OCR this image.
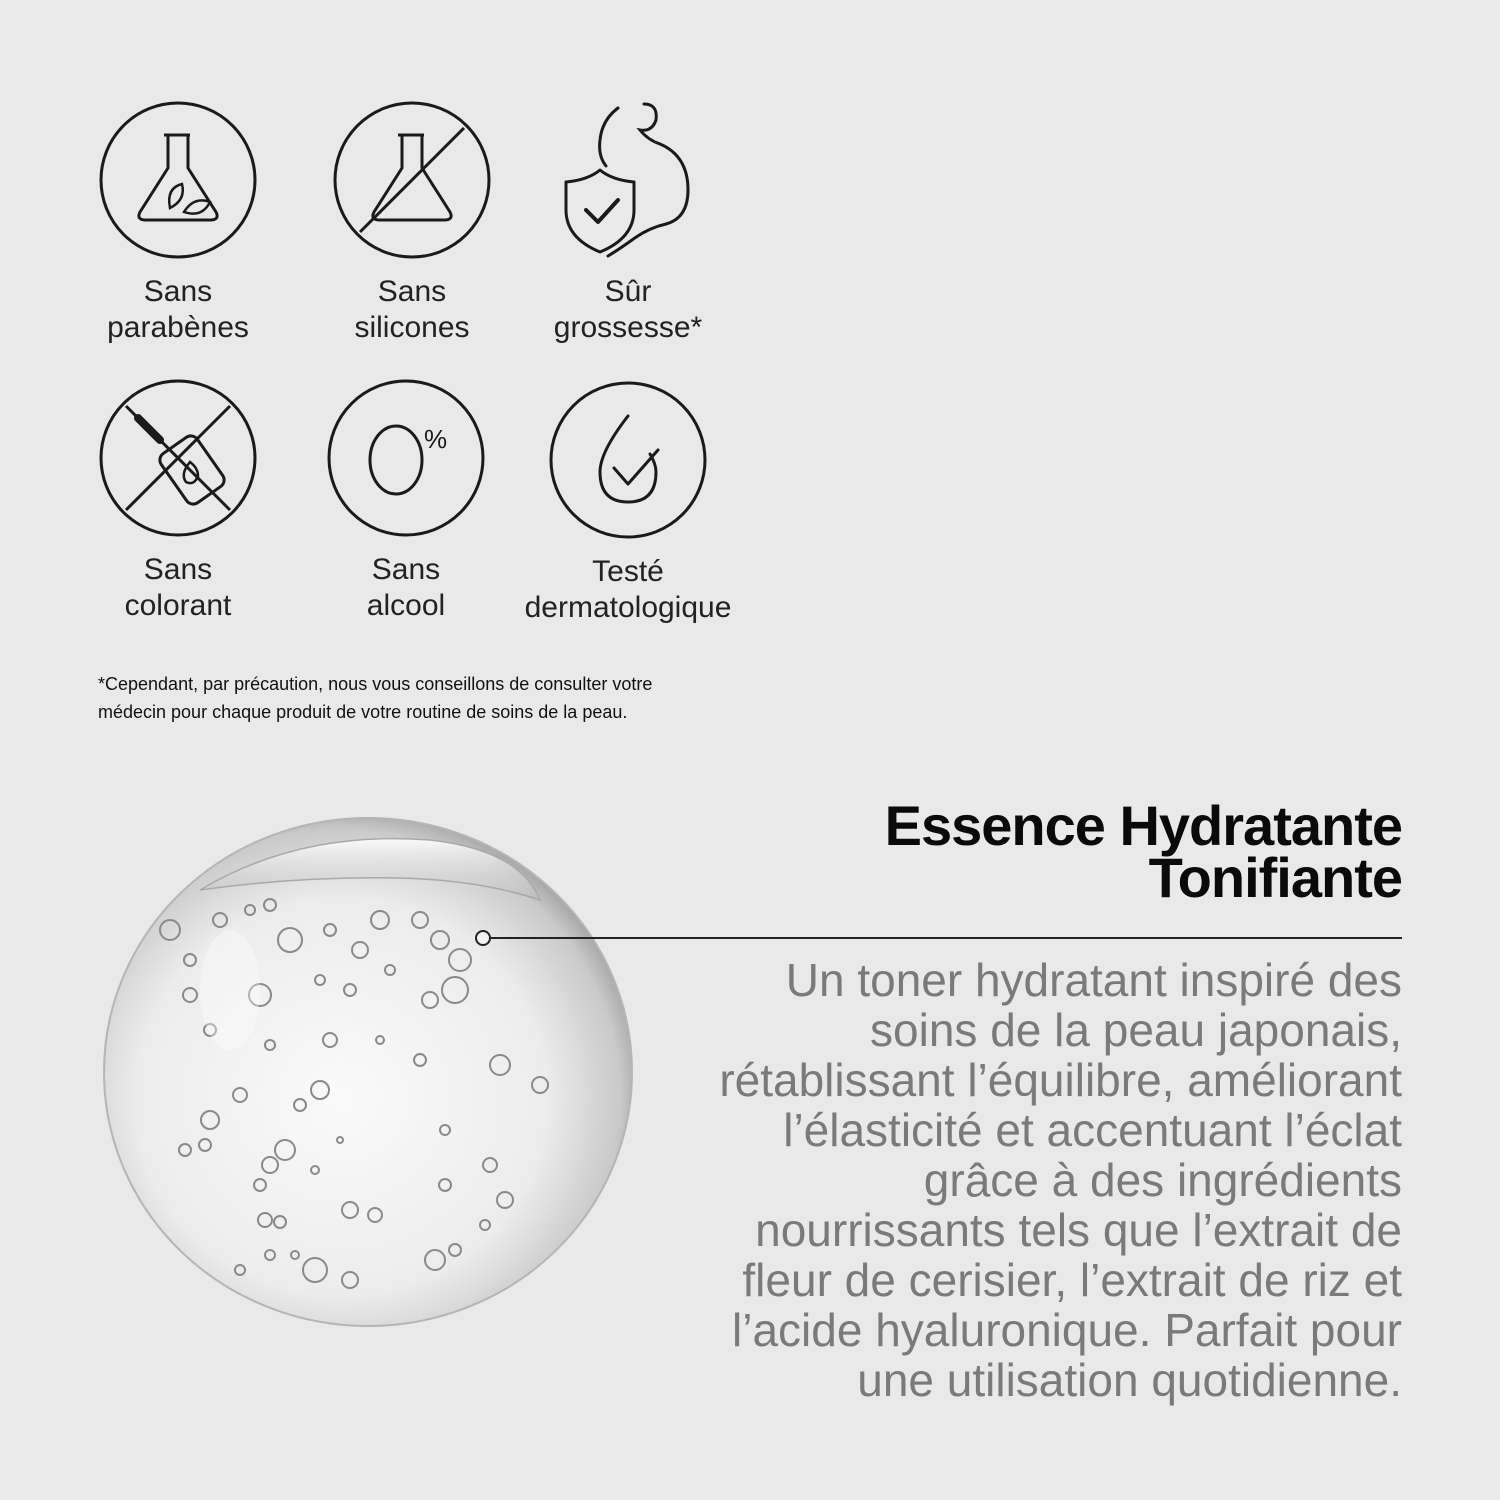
Sans
parabènes
Sans
silicones
Sûr
grossesse*
Sans
colorant
%
Sans
alcool
Testé
dermatologique
*Cependant, par précaution, nous vous conseillons de consulter votre
médecin pour chaque produit de votre routine de soins de la peau.
Essence Hydratante
Tonifiante
Un toner hydratant inspiré des
soins de la peau japonais,
rétablissant l’équilibre, améliorant
l’élasticité et accentuant l’éclat
grâce à des ingrédients
nourrissants tels que l’extrait de
fleur de cerisier, l’extrait de riz et
l’acide hyaluronique. Parfait pour
une utilisation quotidienne.
